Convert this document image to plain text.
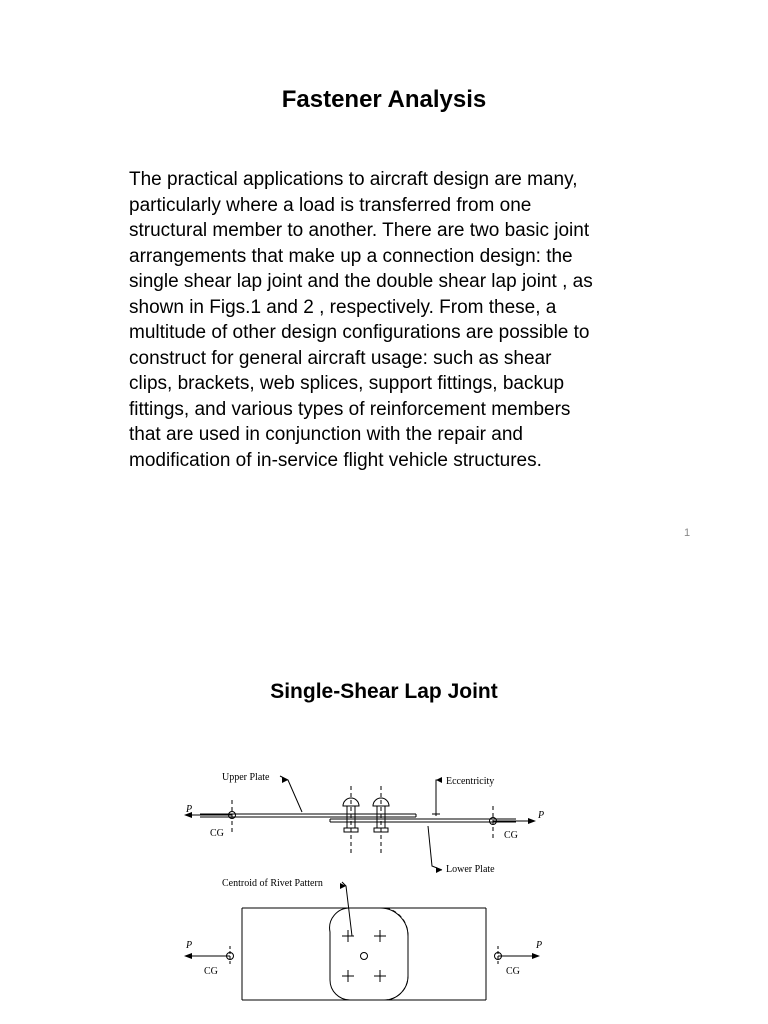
Fastener Analysis
The practical applications to aircraft design are many,
particularly where a load is transferred from one
structural member to another. There are two basic joint
arrangements that make up a connection design: the
single shear lap joint and the double shear lap joint , as
shown in Figs.1 and 2 , respectively. From these, a
multitude of other design configurations are possible to
construct for general aircraft usage: such as shear
clips, brackets, web splices, support fittings, backup
fittings, and various types of reinforcement members
that are used in conjunction with the repair and
modification of in-service flight vehicle structures.
1
Single-Shear Lap Joint
Upper Plate	Eccentricity
Lower Plate
Centroid of Rivet Pattern
P
P
CG	CG
P	P
CG	CG
